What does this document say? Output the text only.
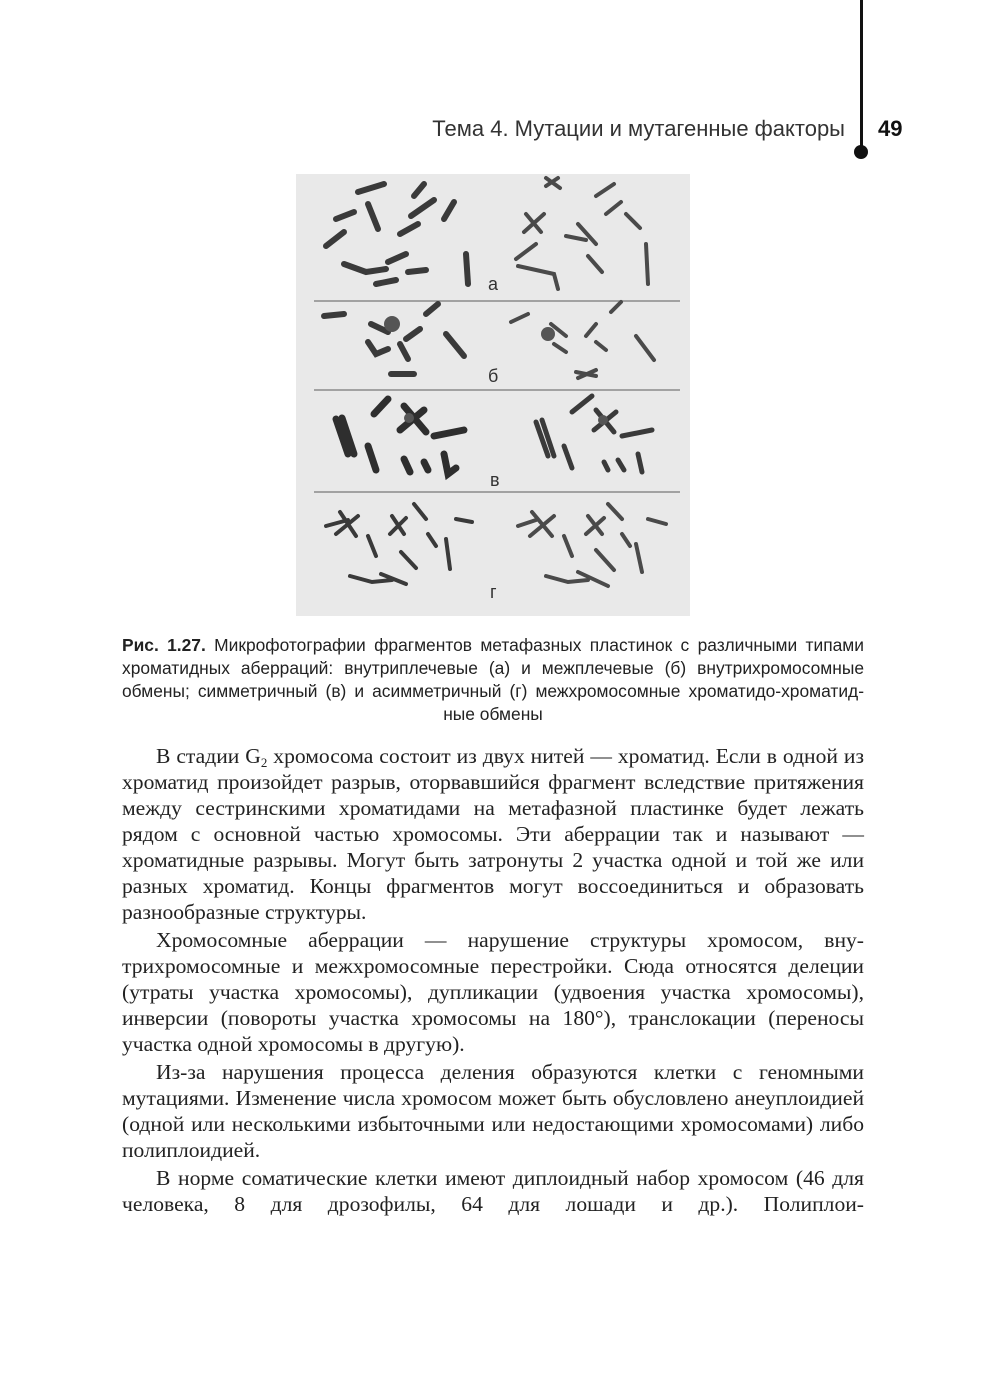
Тема 4. Мутации и мутагенные факторы 49
а
б
в
г
Рис. 1.27. Микрофотографии фрагментов метафазных пластинок с различными типами хроматидных аберраций: внутриплечевые (а) и межплечевые (б) внутрихромосомные обмены; симметричный (в) и асимметричный (г) межхромосомные хроматидо-хроматидные обмены

В стадии $G_2$ хромосома состоит из двух нитей — хроматид. Если в одной из хроматид произойдет разрыв, оторвавшийся фрагмент вследствие притяжения между сестринскими хроматидами на метафазной пластинке будет лежать рядом с основной частью хромосомы. Эти аберрации так и называют — хроматидные разрывы. Могут быть затронуты 2 участка одной и той же или разных хроматид. Концы фрагментов могут воссоединиться и образовать разнообразные структуры.

Хромосомные аберрации — нарушение структуры хромосом, внутрихромосомные и межхромосомные перестройки. Сюда относятся делеции (утраты участка хромосомы), дупликации (удвоения участка хромосомы), инверсии (повороты участка хромосомы на 180°), транслокации (переносы участка одной хромосомы в другую).

Из-за нарушения процесса деления образуются клетки с геномными мутациями. Изменение числа хромосом может быть обусловлено анеуплоидией (одной или несколькими избыточными или недостающими хромосомами) либо полиплоидией.

В норме соматические клетки имеют диплоидный набор хромосом (46 для человека, 8 для дрозофилы, 64 для лошади и др.). Полиплои-
